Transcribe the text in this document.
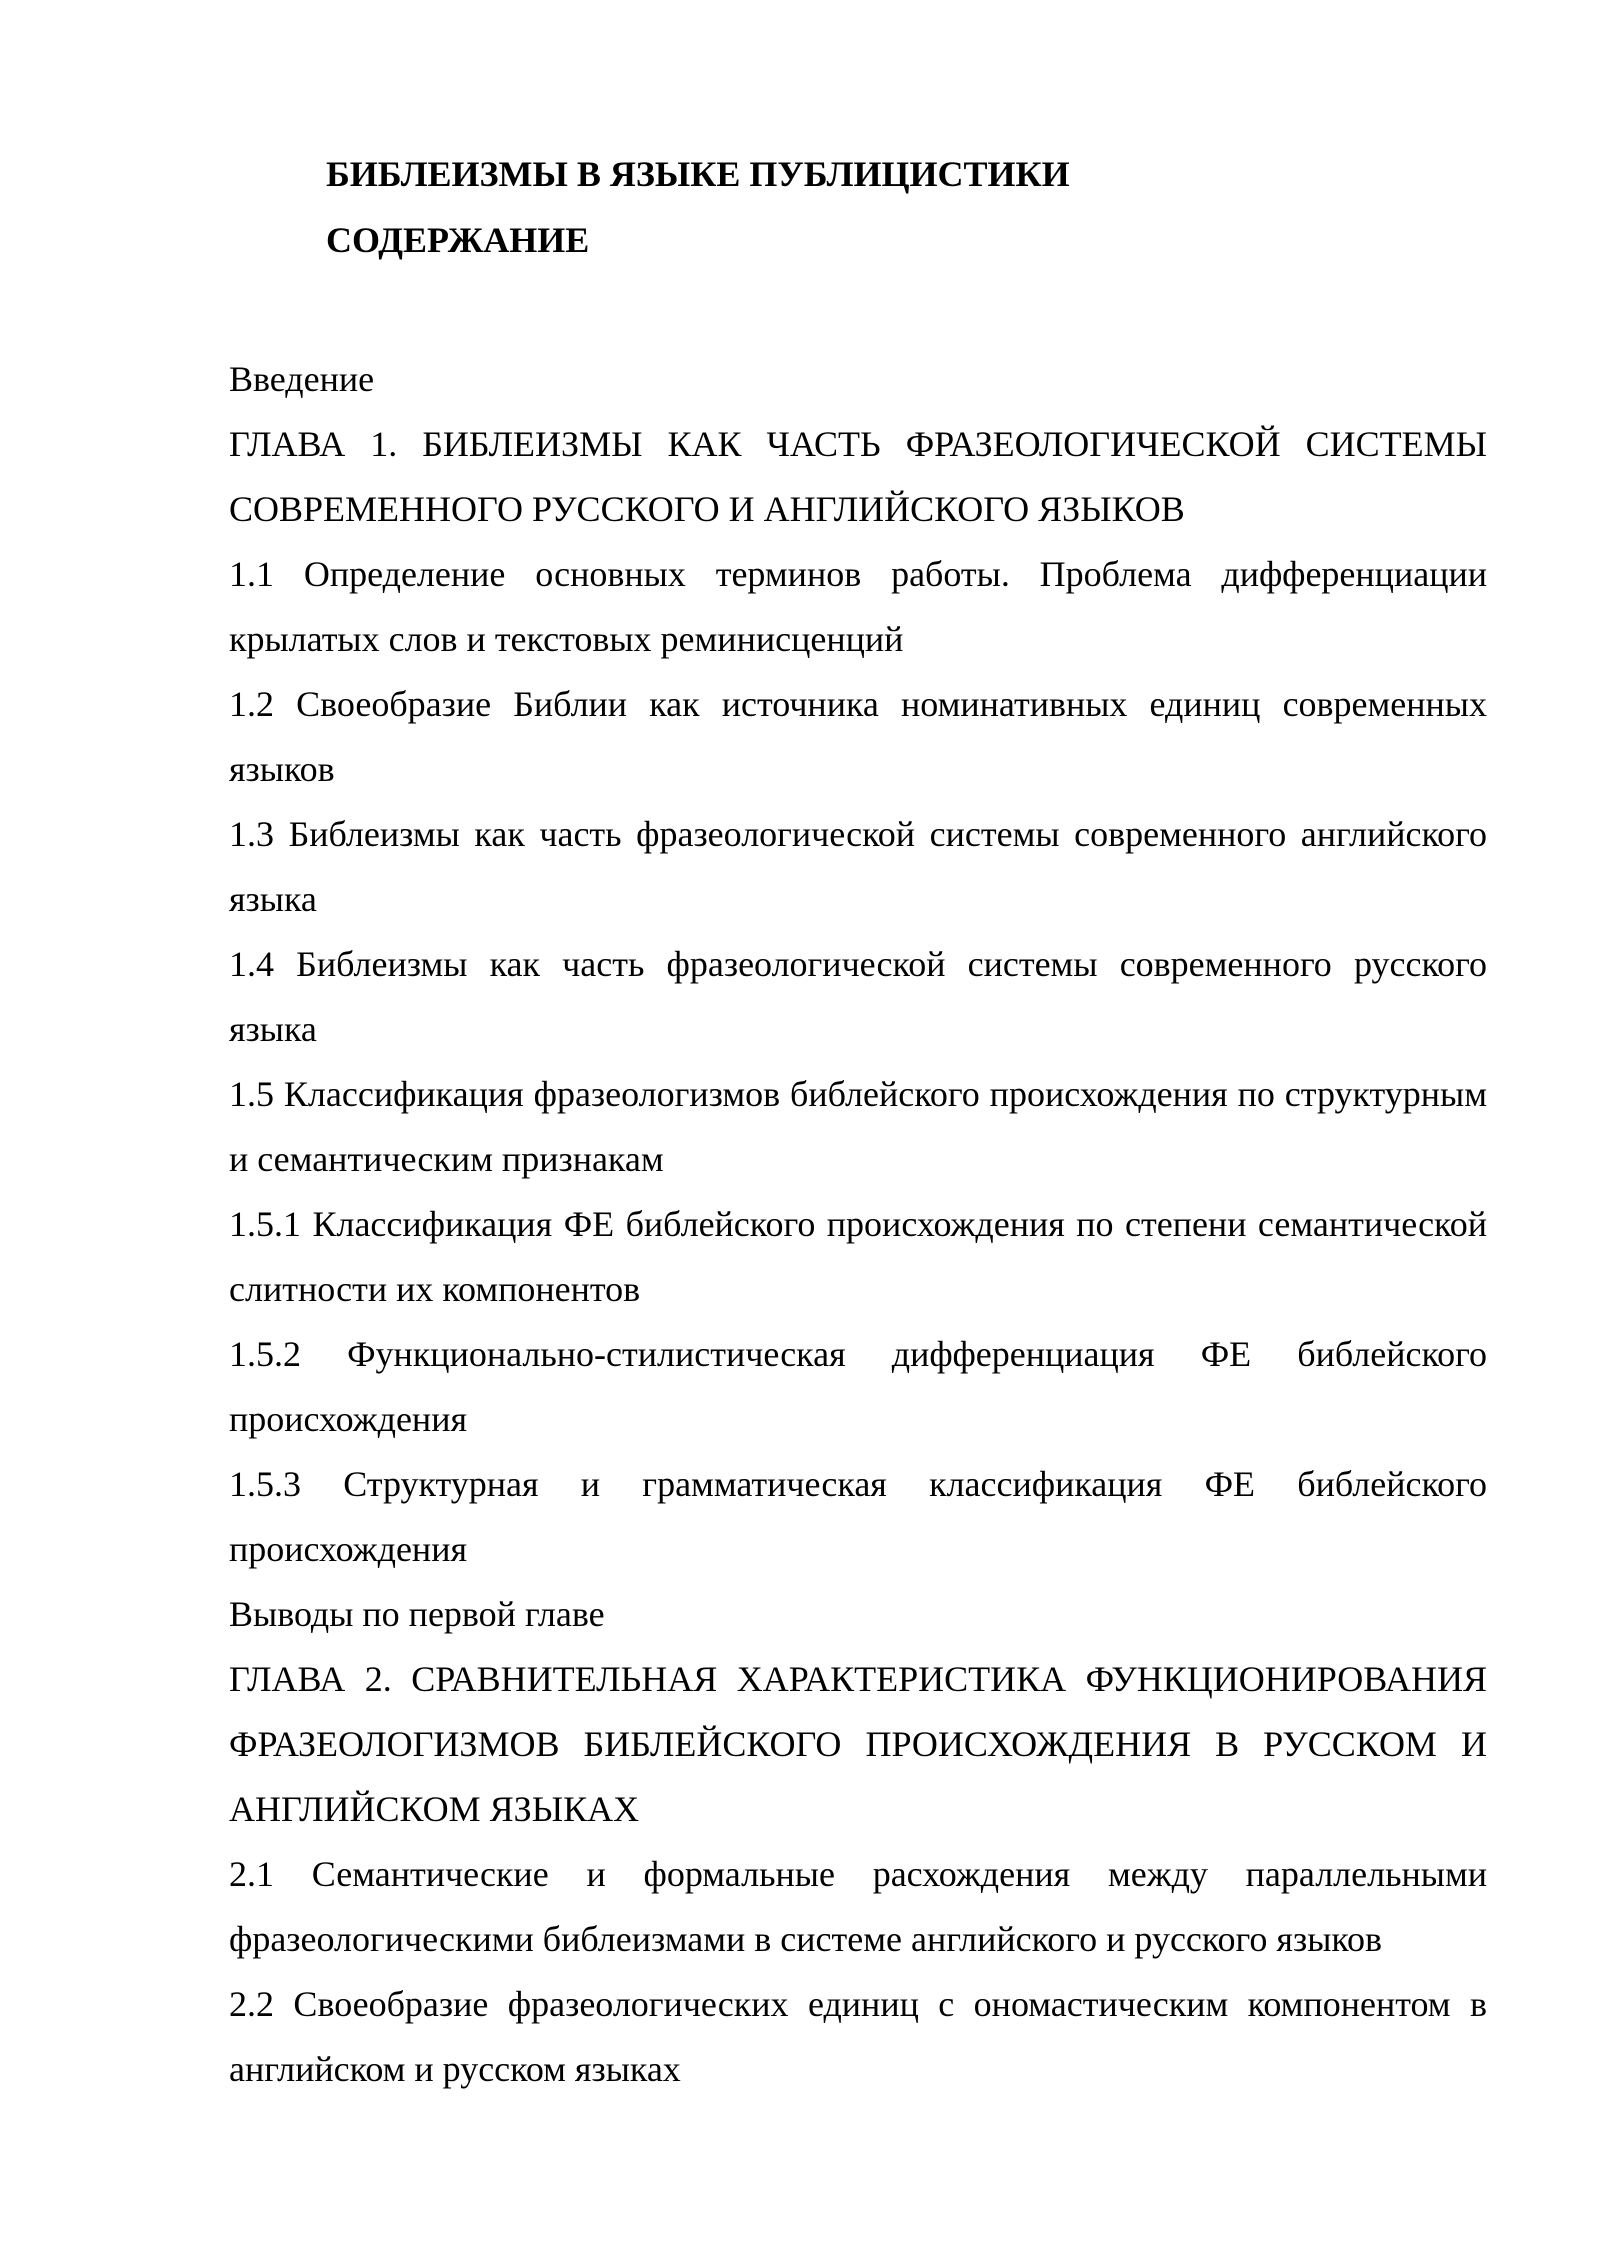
БИБЛЕИЗМЫ В ЯЗЫКЕ ПУБЛИЦИСТИКИ
СОДЕРЖАНИЕ
Введение
ГЛАВА 1. БИБЛЕИЗМЫ КАК ЧАСТЬ ФРАЗЕОЛОГИЧЕСКОЙ СИСТЕМЫ СОВРЕМЕННОГО РУССКОГО И АНГЛИЙСКОГО ЯЗЫКОВ
1.1 Определение основных терминов работы. Проблема дифференциации крылатых слов и текстовых реминисценций
1.2 Своеобразие Библии как источника номинативных единиц современных языков
1.3 Библеизмы как часть фразеологической системы современного английского языка
1.4 Библеизмы как часть фразеологической системы современного русского языка
1.5 Классификация фразеологизмов библейского происхождения по структурным и семантическим признакам
1.5.1 Классификация ФЕ библейского происхождения по степени семантической слитности их компонентов
1.5.2 Функционально-стилистическая дифференциация ФЕ библейского происхождения
1.5.3 Структурная и грамматическая классификация ФЕ библейского происхождения
Выводы по первой главе
ГЛАВА 2. СРАВНИТЕЛЬНАЯ ХАРАКТЕРИСТИКА ФУНКЦИОНИРОВАНИЯ ФРАЗЕОЛОГИЗМОВ БИБЛЕЙСКОГО ПРОИСХОЖДЕНИЯ В РУССКОМ И АНГЛИЙСКОМ ЯЗЫКАХ
2.1 Семантические и формальные расхождения между параллельными фразеологическими библеизмами в системе английского и русского языков
2.2 Своеобразие фразеологических единиц с ономастическим компонентом в английском и русском языках
